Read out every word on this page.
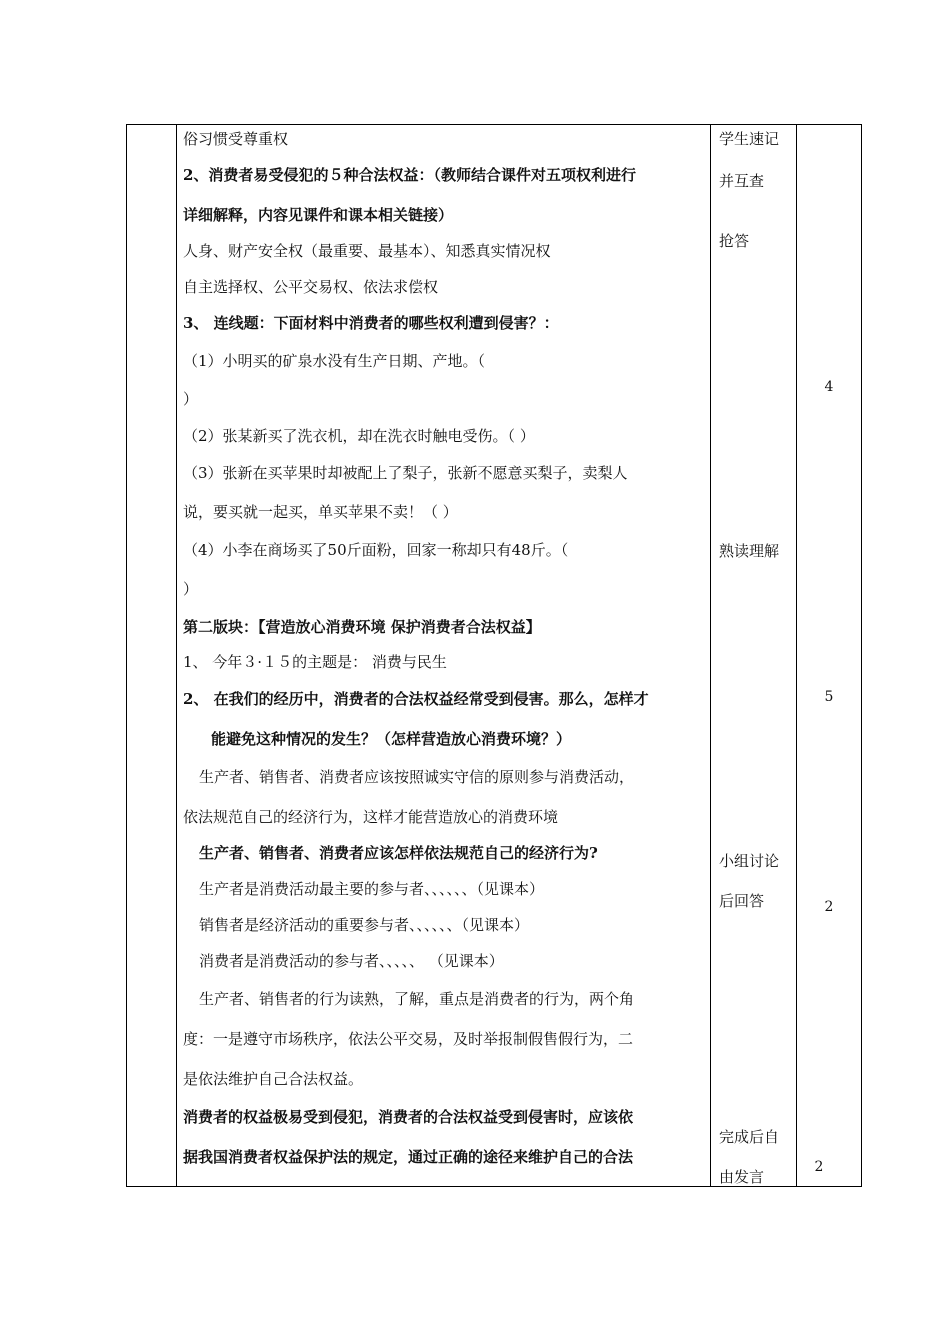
俗习惯受尊重权
2、消费者易受侵犯的５种合法权益：（教师结合课件对五项权利进行
详细解释，内容见课件和课本相关链接）
人身、财产安全权（最重要、最基本）、知悉真实情况权
自主选择权、公平交易权、依法求偿权
3、 连线题：下面材料中消费者的哪些权利遭到侵害？：
（1）小明买的矿泉水没有生产日期、产地。（
）
（2）张某新买了洗衣机，却在洗衣时触电受伤。（ ）
（3）张新在买苹果时却被配上了梨子，张新不愿意买梨子，卖梨人
说，要买就一起买，单买苹果不卖！（ ）
（4）小李在商场买了50斤面粉，回家一称却只有48斤。（
）
第二版块：【营造放心消费环境 保护消费者合法权益】
1、 今年３·１５的主题是： 消费与民生
2、 在我们的经历中，消费者的合法权益经常受到侵害。那么，怎样才
能避免这种情况的发生？（怎样营造放心消费环境？）
生产者、销售者、消费者应该按照诚实守信的原则参与消费活动，
依法规范自己的经济行为，这样才能营造放心的消费环境
生产者、销售者、消费者应该怎样依法规范自己的经济行为?
生产者是消费活动最主要的参与者、、、、、、（见课本）
销售者是经济活动的重要参与者、、、、、、（见课本）
消费者是消费活动的参与者、、、、、 （见课本）
生产者、销售者的行为读熟，了解，重点是消费者的行为，两个角
度：一是遵守市场秩序，依法公平交易，及时举报制假售假行为，二
是依法维护自己合法权益。
消费者的权益极易受到侵犯，消费者的合法权益受到侵害时，应该依
据我国消费者权益保护法的规定，通过正确的途径来维护自己的合法
学生速记
并互查
抢答
熟读理解
小组讨论
后回答
完成后自
由发言
4
5
2
2
